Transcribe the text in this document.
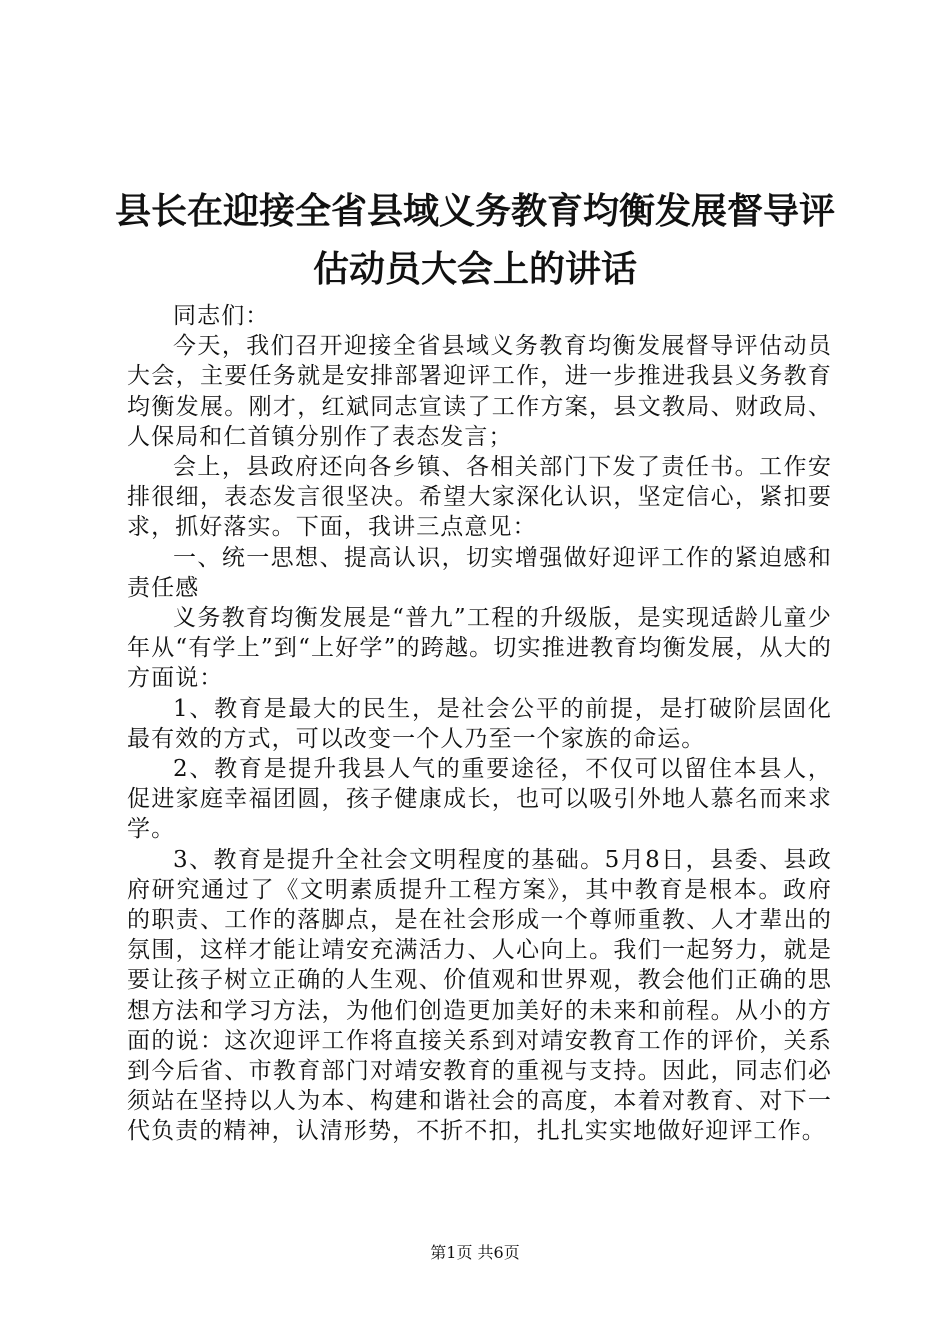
县长在迎接全省县域义务教育均衡发展督导评
估动员大会上的讲话

同志们：

今天，我们召开迎接全省县域义务教育均衡发展督导评估动员大会，主要任务就是安排部署迎评工作，进一步推进我县义务教育均衡发展。刚才，红斌同志宣读了工作方案，县文教局、财政局、人保局和仁首镇分别作了表态发言；

会上，县政府还向各乡镇、各相关部门下发了责任书。工作安排很细，表态发言很坚决。希望大家深化认识，坚定信心，紧扣要求，抓好落实。下面，我讲三点意见：

一、统一思想、提高认识，切实增强做好迎评工作的紧迫感和责任感

义务教育均衡发展是“普九”工程的升级版，是实现适龄儿童少年从“有学上”到“上好学”的跨越。切实推进教育均衡发展，从大的方面说：

1、教育是最大的民生，是社会公平的前提，是打破阶层固化最有效的方式，可以改变一个人乃至一个家族的命运。

2、教育是提升我县人气的重要途径，不仅可以留住本县人，促进家庭幸福团圆，孩子健康成长，也可以吸引外地人慕名而来求学。

3、教育是提升全社会文明程度的基础。5月8日，县委、县政府研究通过了《文明素质提升工程方案》，其中教育是根本。政府的职责、工作的落脚点，是在社会形成一个尊师重教、人才辈出的氛围，这样才能让靖安充满活力、人心向上。我们一起努力，就是要让孩子树立正确的人生观、价值观和世界观，教会他们正确的思想方法和学习方法，为他们创造更加美好的未来和前程。从小的方面的说：这次迎评工作将直接关系到对靖安教育工作的评价，关系到今后省、市教育部门对靖安教育的重视与支持。因此，同志们必须站在坚持以人为本、构建和谐社会的高度，本着对教育、对下一代负责的精神，认清形势，不折不扣，扎扎实实地做好迎评工作。

第1页 共6页
